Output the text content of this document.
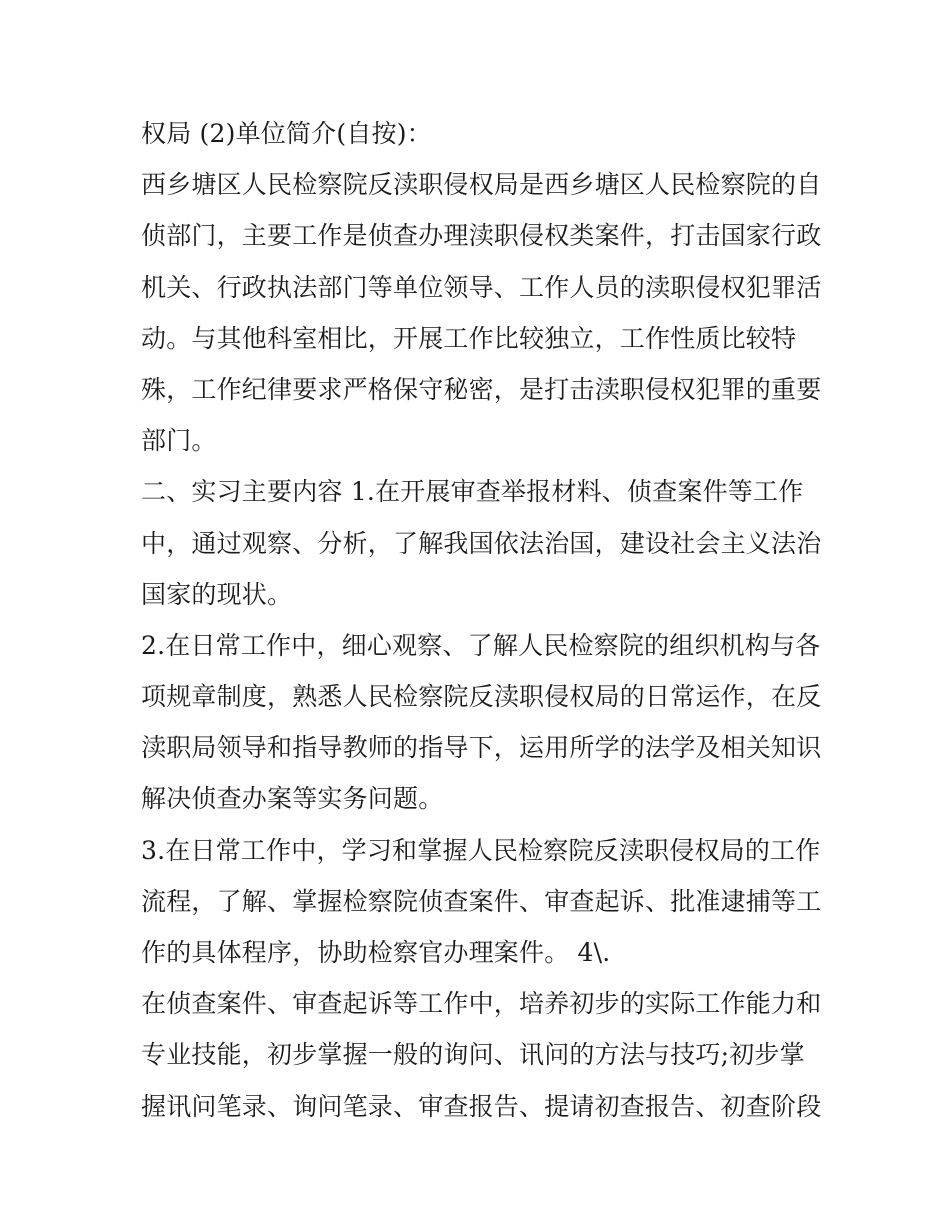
权局 (2)单位简介(自按)：
西乡塘区人民检察院反渎职侵权局是西乡塘区人民检察院的自
侦部门，主要工作是侦查办理渎职侵权类案件，打击国家行政
机关、行政执法部门等单位领导、工作人员的渎职侵权犯罪活
动。与其他科室相比，开展工作比较独立，工作性质比较特
殊，工作纪律要求严格保守秘密，是打击渎职侵权犯罪的重要
部门。
二、实习主要内容 1.在开展审查举报材料、侦查案件等工作
中，通过观察、分析，了解我国依法治国，建设社会主义法治
国家的现状。
2.在日常工作中，细心观察、了解人民检察院的组织机构与各
项规章制度，熟悉人民检察院反渎职侵权局的日常运作，在反
渎职局领导和指导教师的指导下，运用所学的法学及相关知识
解决侦查办案等实务问题。
3.在日常工作中，学习和掌握人民检察院反渎职侵权局的工作
流程，了解、掌握检察院侦查案件、审查起诉、批准逮捕等工
作的具体程序，协助检察官办理案件。 4\.
在侦查案件、审查起诉等工作中，培养初步的实际工作能力和
专业技能，初步掌握一般的询问、讯问的方法与技巧;初步掌
握讯问笔录、询问笔录、审查报告、提请初查报告、初查阶段
